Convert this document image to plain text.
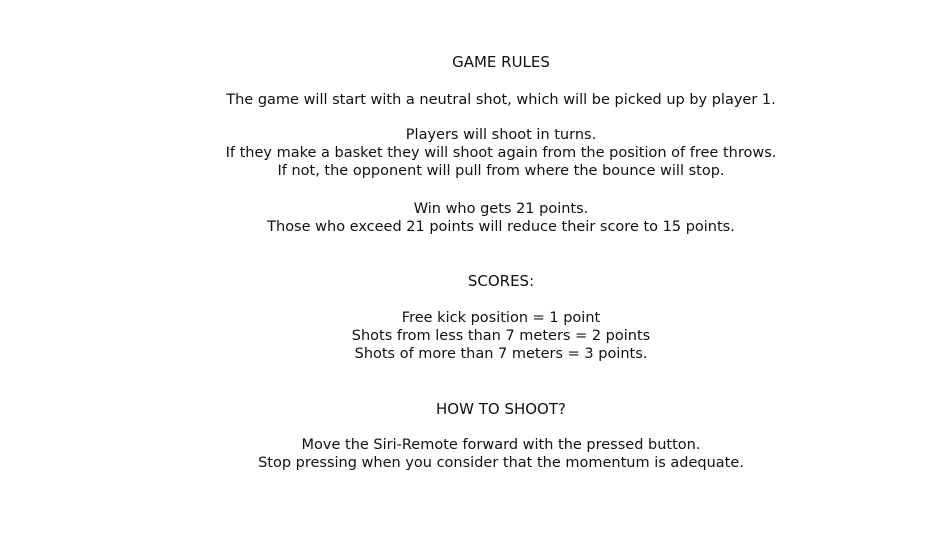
GAME RULES
The game will start with a neutral shot, which will be picked up by player 1.
Players will shoot in turns.
If they make a basket they will shoot again from the position of free throws.
If not, the opponent will pull from where the bounce will stop.
Win who gets 21 points.
Those who exceed 21 points will reduce their score to 15 points.
SCORES:
Free kick position = 1 point
Shots from less than 7 meters = 2 points
Shots of more than 7 meters = 3 points.
HOW TO SHOOT?
Move the Siri-Remote forward with the pressed button.
Stop pressing when you consider that the momentum is adequate.
